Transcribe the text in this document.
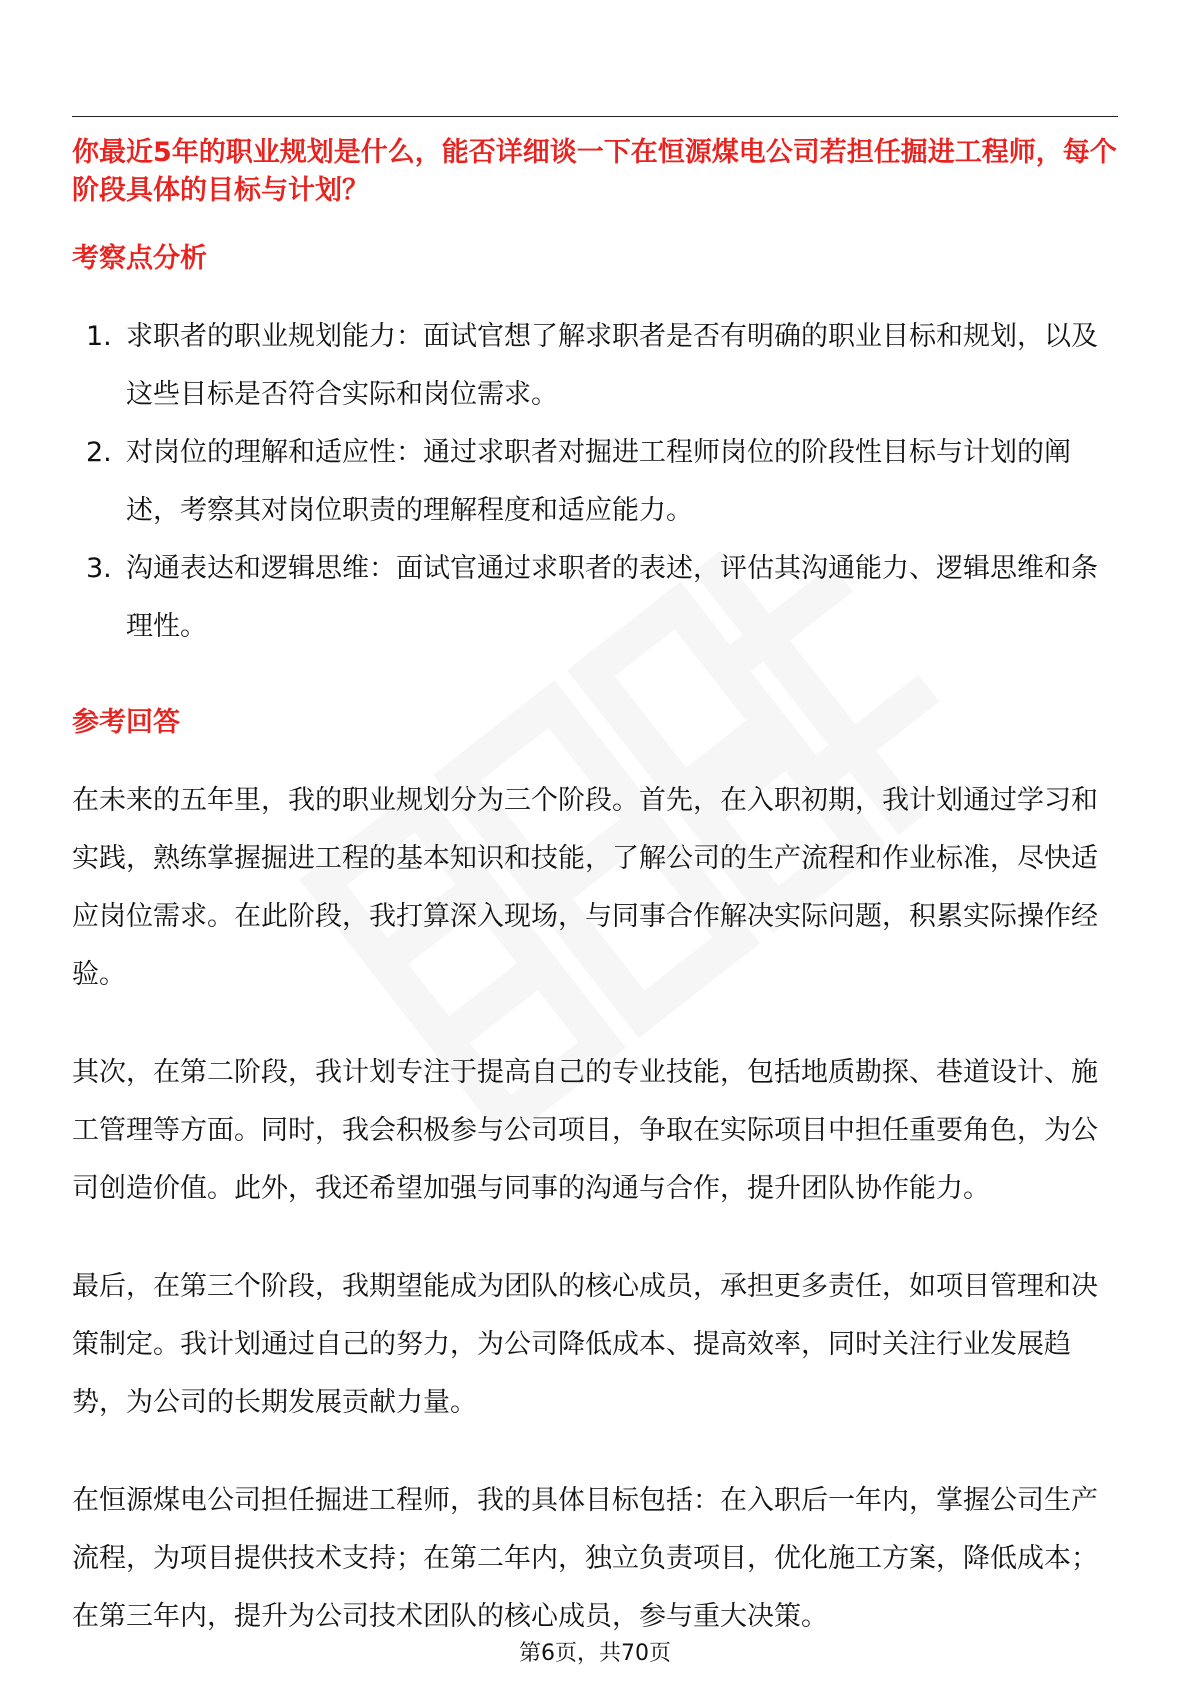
你最近5年的职业规划是什么，能否详细谈一下在恒源煤电公司若担任掘进工程师，每个阶段具体的目标与计划？

考察点分析
1. 求职者的职业规划能力：面试官想了解求职者是否有明确的职业目标和规划，以及这些目标是否符合实际和岗位需求。
2. 对岗位的理解和适应性：通过求职者对掘进工程师岗位的阶段性目标与计划的阐述，考察其对岗位职责的理解程度和适应能力。
3. 沟通表达和逻辑思维：面试官通过求职者的表述，评估其沟通能力、逻辑思维和条理性。
参考回答

在未来的五年里，我的职业规划分为三个阶段。首先，在入职初期，我计划通过学习和实践，熟练掌握掘进工程的基本知识和技能，了解公司的生产流程和作业标准，尽快适应岗位需求。在此阶段，我打算深入现场，与同事合作解决实际问题，积累实际操作经验。

其次，在第二阶段，我计划专注于提高自己的专业技能，包括地质勘探、巷道设计、施工管理等方面。同时，我会积极参与公司项目，争取在实际项目中担任重要角色，为公司创造价值。此外，我还希望加强与同事的沟通与合作，提升团队协作能力。

最后，在第三个阶段，我期望能成为团队的核心成员，承担更多责任，如项目管理和决策制定。我计划通过自己的努力，为公司降低成本、提高效率，同时关注行业发展趋势，为公司的长期发展贡献力量。

在恒源煤电公司担任掘进工程师，我的具体目标包括：在入职后一年内，掌握公司生产流程，为项目提供技术支持；在第二年内，独立负责项目，优化施工方案，降低成本；在第三年内，提升为公司技术团队的核心成员，参与重大决策。

第6页，共70页
